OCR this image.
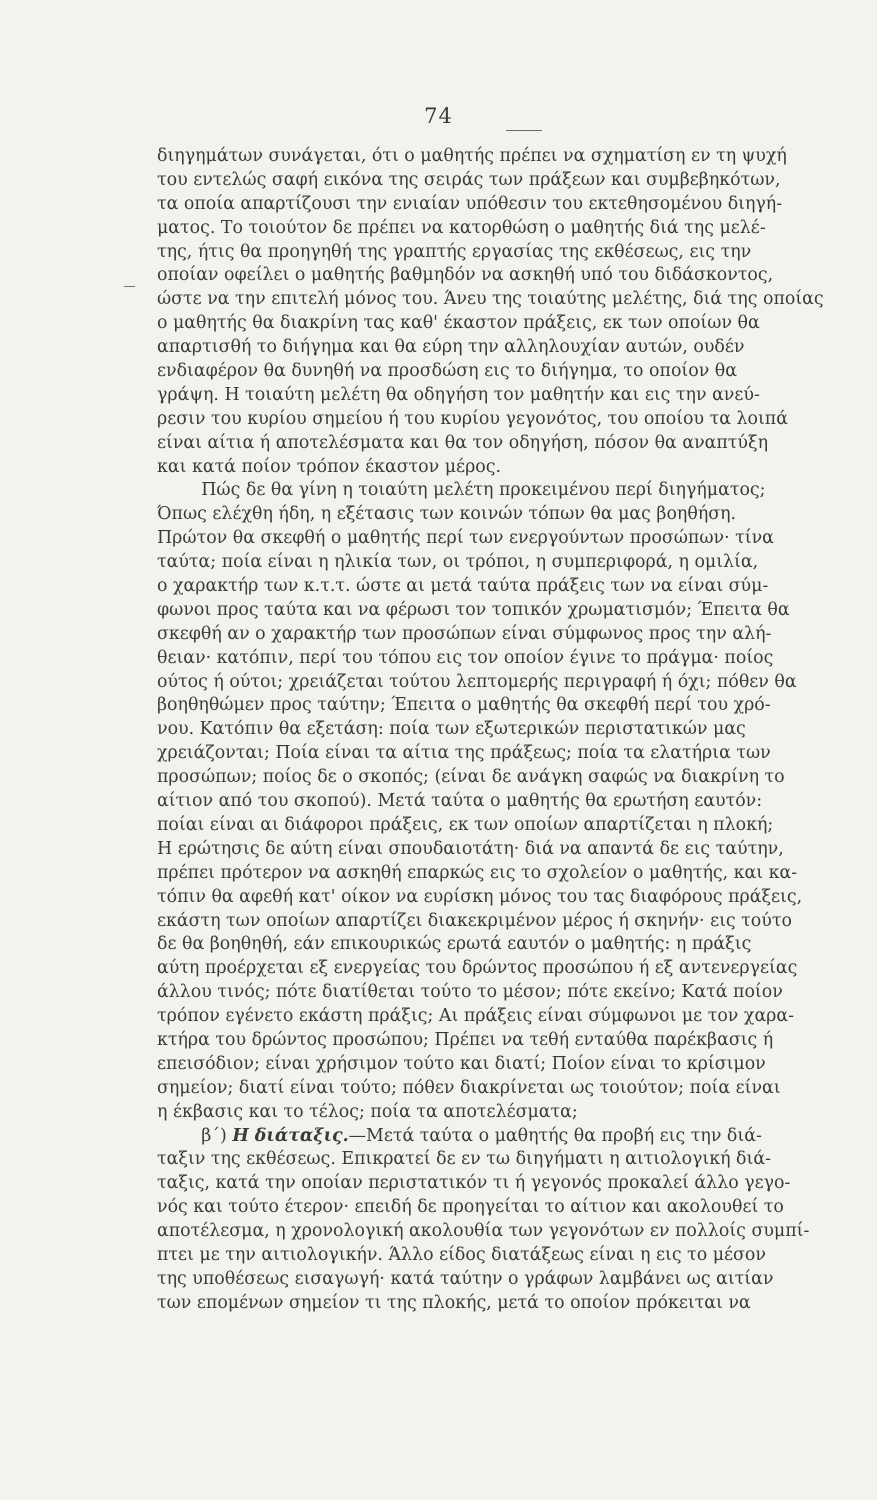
74
διηγημάτων συνάγεται, ότι ο μαθητής πρέπει να σχηματίση εν τη ψυχή
του εντελώς σαφή εικόνα της σειράς των πράξεων και συμβεβηκότων,
τα οποία απαρτίζουσι την ενιαίαν υπόθεσιν του εκτεθησομένου διηγή-
ματος. Το τοιούτον δε πρέπει να κατορθώση ο μαθητής διά της μελέ-
της, ήτις θα προηγηθή της γραπτής εργασίας της εκθέσεως, εις την
οποίαν οφείλει ο μαθητής βαθμηδόν να ασκηθή υπό του διδάσκοντος,
ώστε να την επιτελή μόνος του. Άνευ της τοιαύτης μελέτης, διά της οποίας
ο μαθητής θα διακρίνη τας καθ' έκαστον πράξεις, εκ των οποίων θα
απαρτισθή το διήγημα και θα εύρη την αλληλουχίαν αυτών, ουδέν
ενδιαφέρον θα δυνηθή να προσδώση εις το διήγημα, το οποίον θα
γράψη. Η τοιαύτη μελέτη θα οδηγήση τον μαθητήν και εις την ανεύ-
ρεσιν του κυρίου σημείου ή του κυρίου γεγονότος, του οποίου τα λοιπά
είναι αίτια ή αποτελέσματα και θα τον οδηγήση, πόσον θα αναπτύξη
και κατά ποίον τρόπον έκαστον μέρος.
Πώς δε θα γίνη η τοιαύτη μελέτη προκειμένου περί διηγήματος;
Όπως ελέχθη ήδη, η εξέτασις των κοινών τόπων θα μας βοηθήση.
Πρώτον θα σκεφθή ο μαθητής περί των ενεργούντων προσώπων· τίνα
ταύτα; ποία είναι η ηλικία των, οι τρόποι, η συμπεριφορά, η ομιλία,
ο χαρακτήρ των κ.τ.τ. ώστε αι μετά ταύτα πράξεις των να είναι σύμ-
φωνοι προς ταύτα και να φέρωσι τον τοπικόν χρωματισμόν; Έπειτα θα
σκεφθή αν ο χαρακτήρ των προσώπων είναι σύμφωνος προς την αλή-
θειαν· κατόπιν, περί του τόπου εις τον οποίον έγινε το πράγμα· ποίος
ούτος ή ούτοι; χρειάζεται τούτου λεπτομερής περιγραφή ή όχι; πόθεν θα
βοηθηθώμεν προς ταύτην; Έπειτα ο μαθητής θα σκεφθή περί του χρό-
νου. Κατόπιν θα εξετάση: ποία των εξωτερικών περιστατικών μας
χρειάζονται; Ποία είναι τα αίτια της πράξεως; ποία τα ελατήρια των
προσώπων; ποίος δε ο σκοπός; (είναι δε ανάγκη σαφώς να διακρίνη το
αίτιον από του σκοπού). Μετά ταύτα ο μαθητής θα ερωτήση εαυτόν:
ποίαι είναι αι διάφοροι πράξεις, εκ των οποίων απαρτίζεται η πλοκή;
Η ερώτησις δε αύτη είναι σπουδαιοτάτη· διά να απαντά δε εις ταύτην,
πρέπει πρότερον να ασκηθή επαρκώς εις το σχολείον ο μαθητής, και κα-
τόπιν θα αφεθή κατ' οίκον να ευρίσκη μόνος του τας διαφόρους πράξεις,
εκάστη των οποίων απαρτίζει διακεκριμένον μέρος ή σκηνήν· εις τούτο
δε θα βοηθηθή, εάν επικουρικώς ερωτά εαυτόν ο μαθητής: η πράξις
αύτη προέρχεται εξ ενεργείας του δρώντος προσώπου ή εξ αντενεργείας
άλλου τινός; πότε διατίθεται τούτο το μέσον; πότε εκείνο; Κατά ποίον
τρόπον εγένετο εκάστη πράξις; Αι πράξεις είναι σύμφωνοι με τον χαρα-
κτήρα του δρώντος προσώπου; Πρέπει να τεθή ενταύθα παρέκβασις ή
επεισόδιον; είναι χρήσιμον τούτο και διατί; Ποίον είναι το κρίσιμον
σημείον; διατί είναι τούτο; πόθεν διακρίνεται ως τοιούτον; ποία είναι
η έκβασις και το τέλος; ποία τα αποτελέσματα;
β΄) Η διάταξις.—Μετά ταύτα ο μαθητής θα προβή εις την διά-
ταξιν της εκθέσεως. Επικρατεί δε εν τω διηγήματι η αιτιολογική διά-
ταξις, κατά την οποίαν περιστατικόν τι ή γεγονός προκαλεί άλλο γεγο-
νός και τούτο έτερον· επειδή δε προηγείται το αίτιον και ακολουθεί το
αποτέλεσμα, η χρονολογική ακολουθία των γεγονότων εν πολλοίς συμπί-
πτει με την αιτιολογικήν. Άλλο είδος διατάξεως είναι η εις το μέσον
της υποθέσεως εισαγωγή· κατά ταύτην ο γράφων λαμβάνει ως αιτίαν
των επομένων σημείον τι της πλοκής, μετά το οποίον πρόκειται να
